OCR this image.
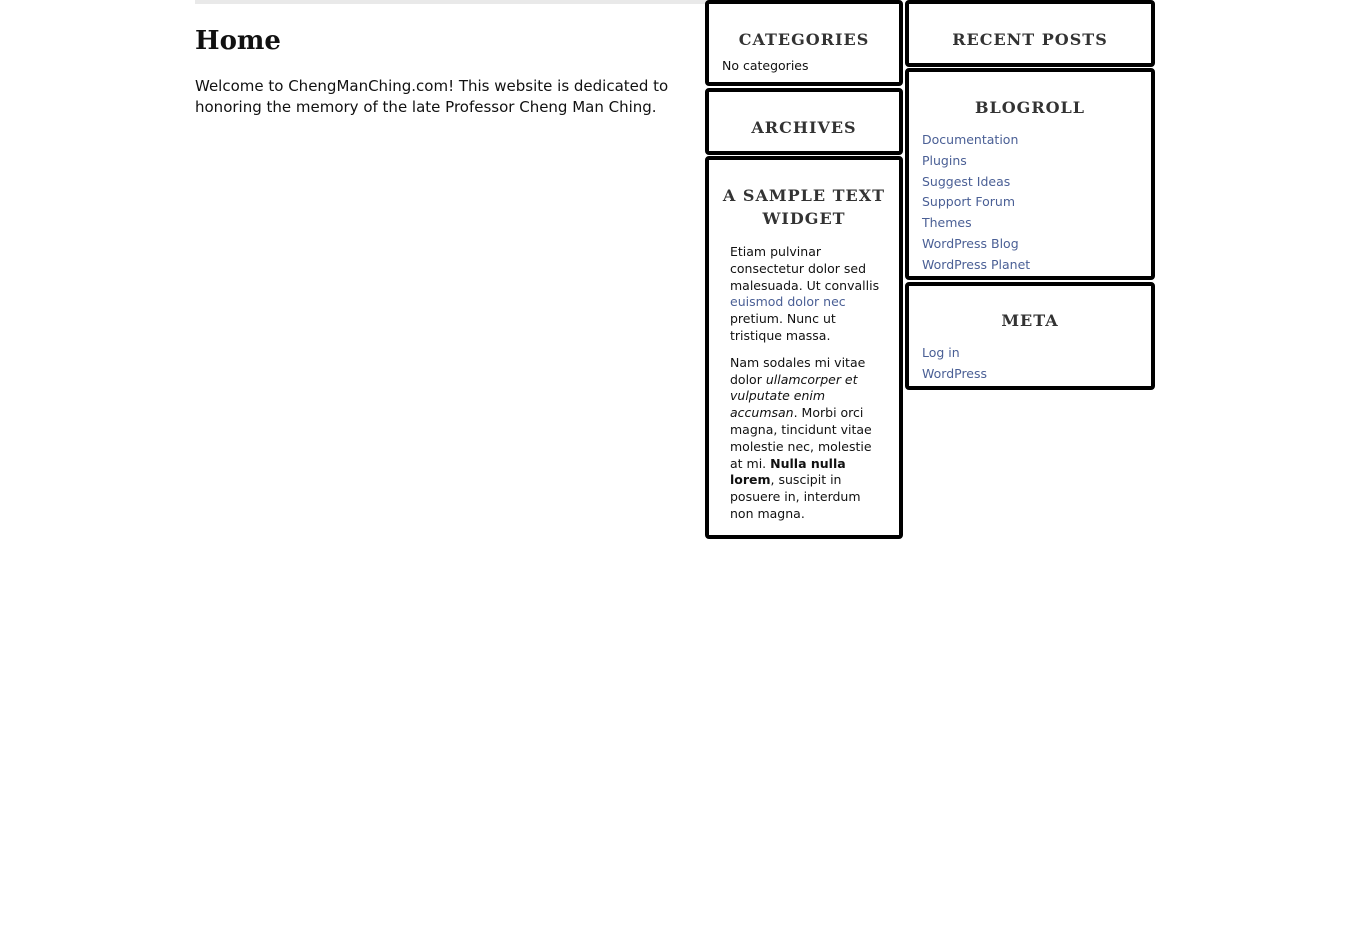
Home

Welcome to ChengManChing.com! This website is dedicated to honoring the memory of the late Professor Cheng Man Ching.

CATEGORIES
No categories
ARCHIVES
A SAMPLE TEXT WIDGET
Etiam pulvinar consectetur dolor sed malesuada. Ut convallis euismod dolor nec pretium. Nunc ut tristique massa.
Nam sodales mi vitae dolor ullamcorper et vulputate enim accumsan. Morbi orci magna, tincidunt vitae molestie nec, molestie at mi. Nulla nulla lorem, suscipit in posuere in, interdum non magna.
RECENT POSTS
BLOGROLL
Documentation
Plugins
Suggest Ideas
Support Forum
Themes
WordPress Blog
WordPress Planet
META
Log in
WordPress
